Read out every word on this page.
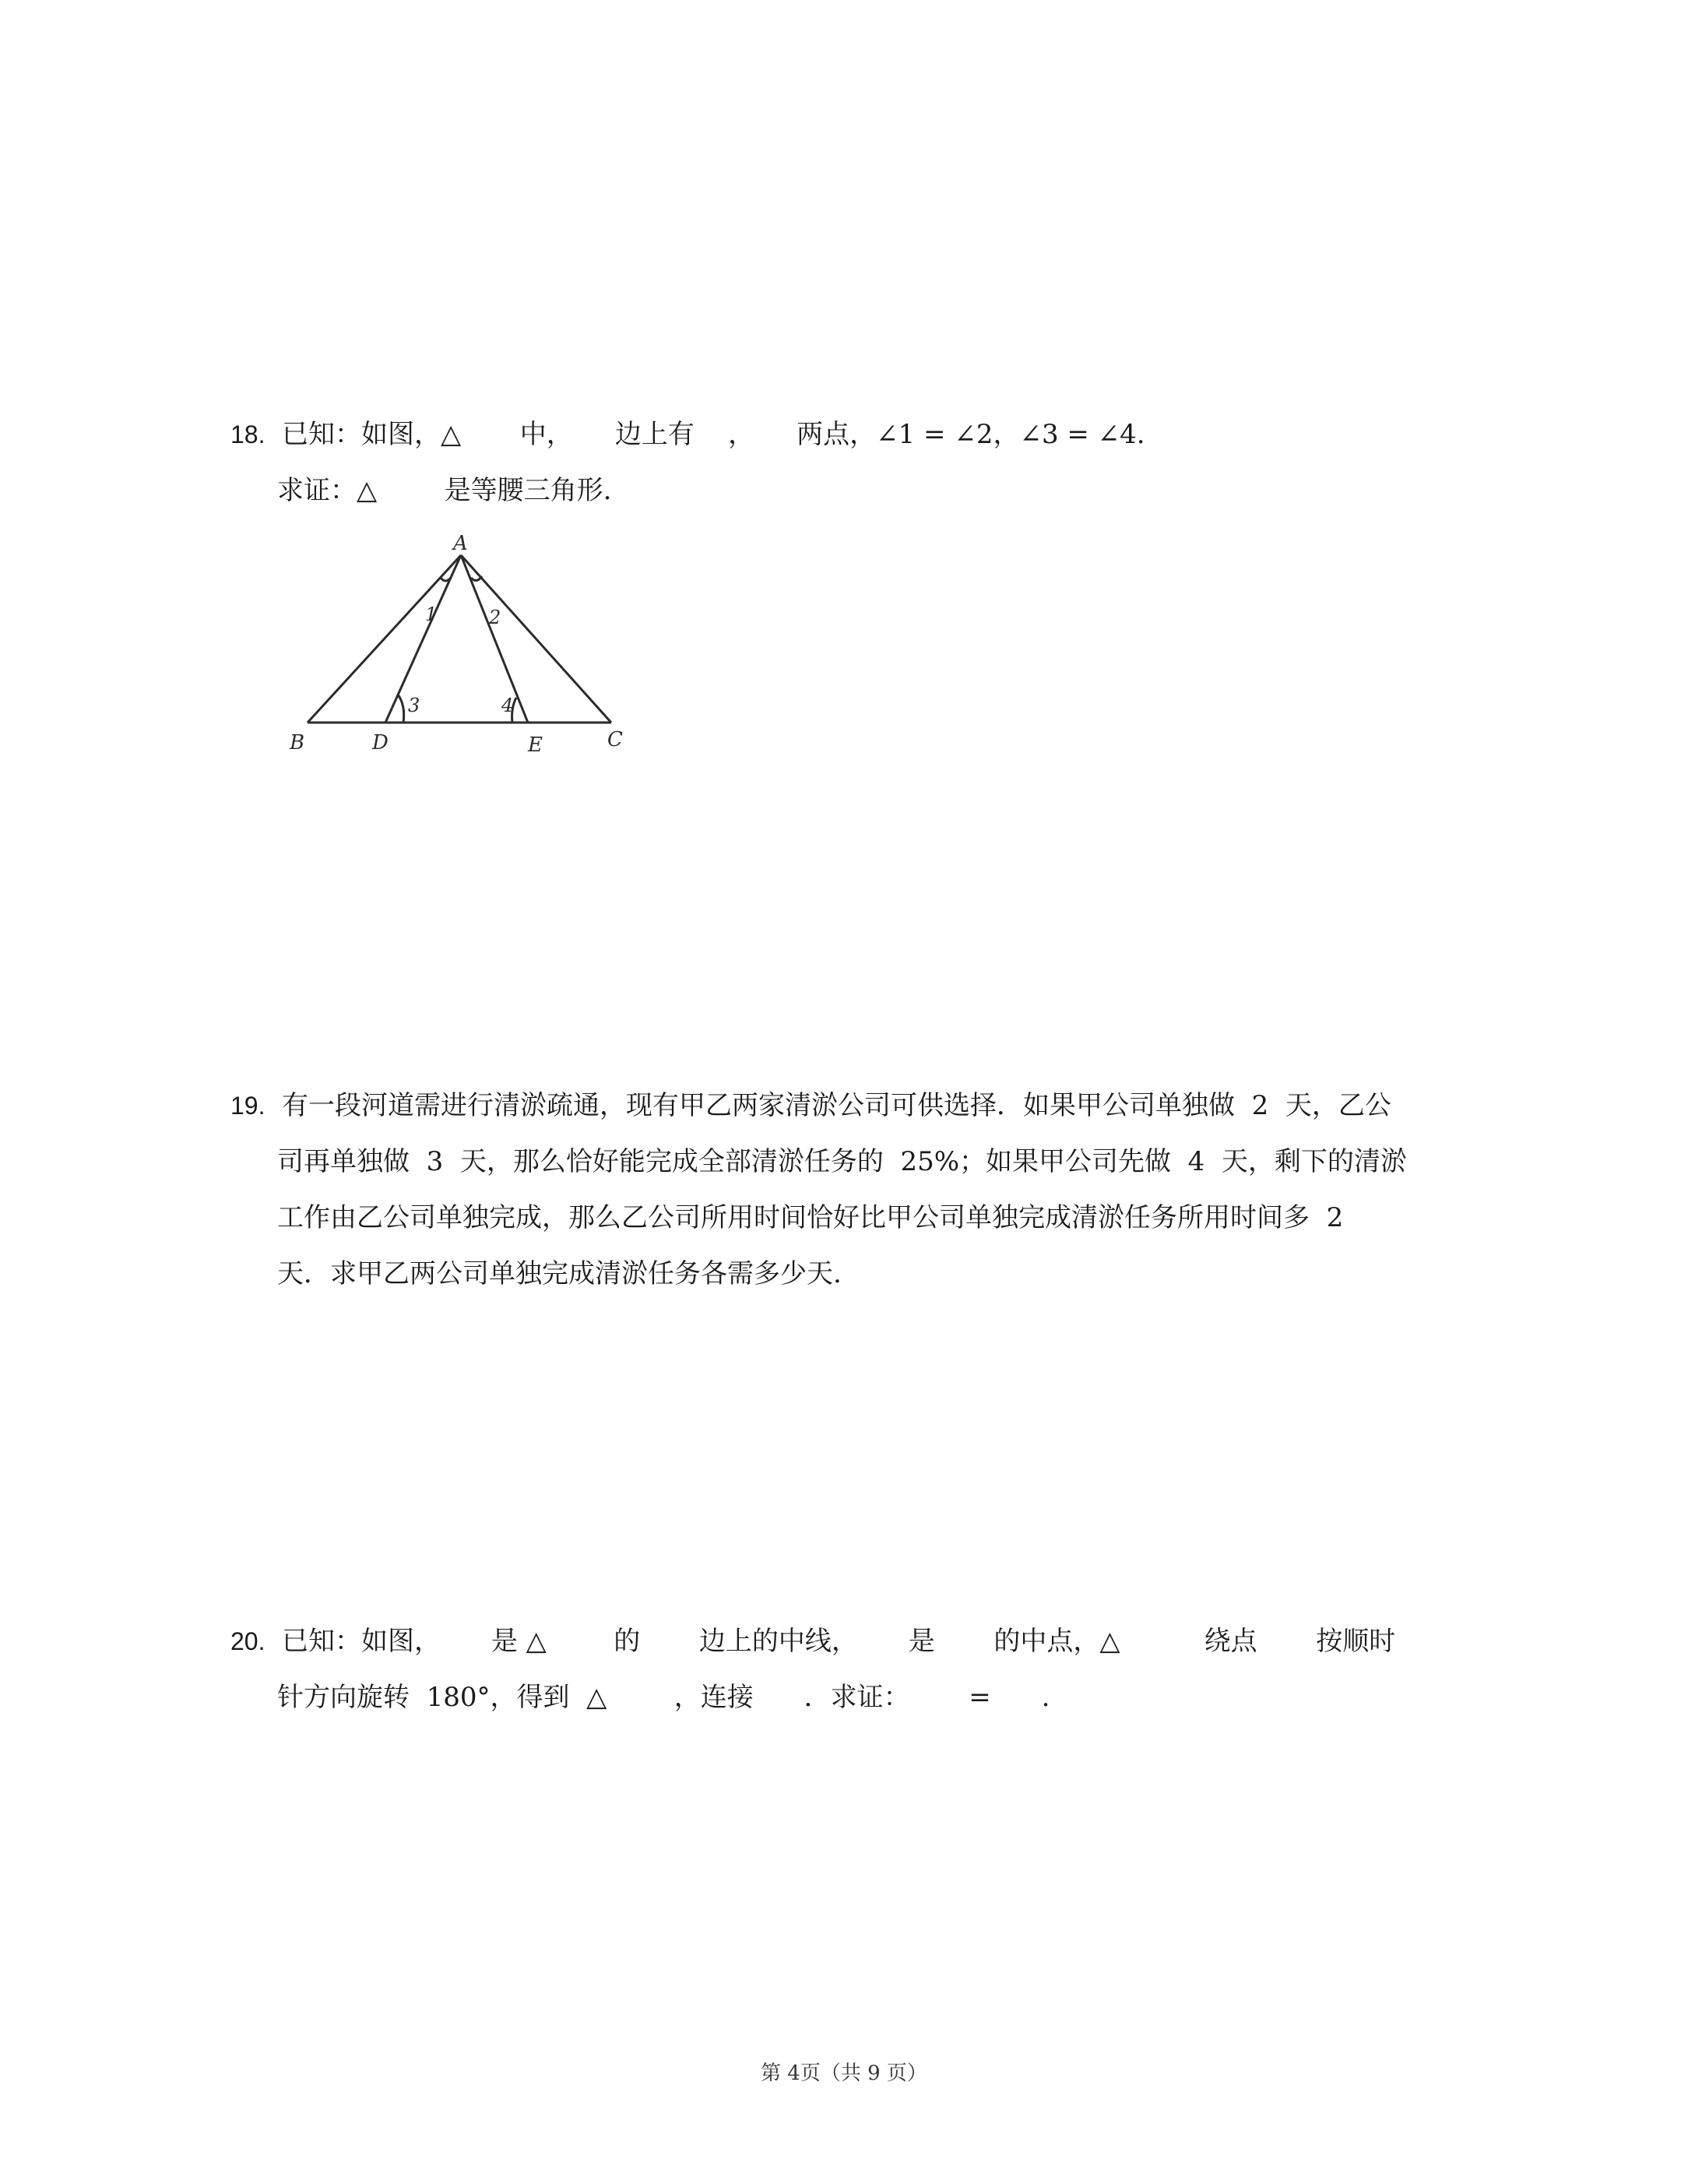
18. 已知：如图，△       中，     边上有    ，     两点，∠1 = ∠2，∠3 = ∠4.
求证：△        是等腰三角形.
A
B	D	E	C
1	2
3	4
19. 有一段河道需进行清淤疏通，现有甲乙两家清淤公司可供选择．如果甲公司单独做  2  天，乙公
司再单独做  3  天，那么恰好能完成全部清淤任务的  25%；如果甲公司先做  4  天，剩下的清淤
工作由乙公司单独完成，那么乙公司所用时间恰好比甲公司单独完成清淤任务所用时间多  2
天．求甲乙两公司单独完成清淤任务各需多少天.
20. 已知：如图，      是 △        的       边上的中线，      是       的中点，△          绕点       按顺时
针方向旋转  180°，得到  △        ，连接      ．求证：       =      .
第 4页（共 9 页）
